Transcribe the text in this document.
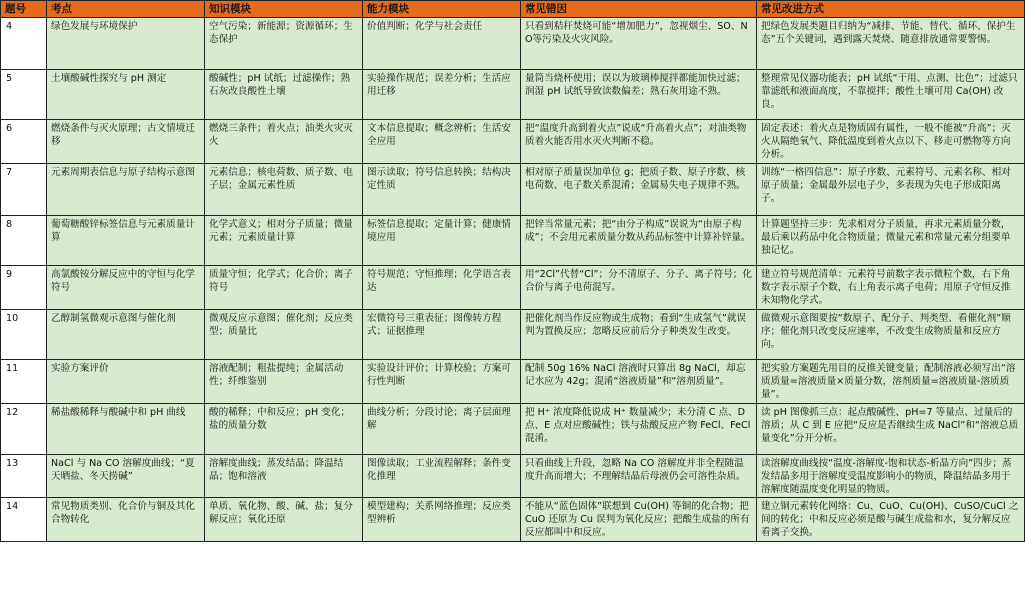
题号	考点	知识模块	能力模块	常见错因	常见改进方式
4	绿色发展与环境保护	空气污染；新能源；资源循环；生态保护	价值判断；化学与社会责任	只看到秸秆焚烧可能“增加肥力”，忽视烟尘、SO、NO等污染及火灾风险。	把绿色发展类题目归纳为“减排、节能、替代、循环、保护生态”五个关键词，遇到露天焚烧、随意排放通常要警惕。
5	土壤酸碱性探究与 pH 测定	酸碱性；pH 试纸；过滤操作；熟石灰改良酸性土壤	实验操作规范；误差分析；生活应用迁移	量筒当烧杯使用；误以为玻璃棒搅拌都能加快过滤；润湿 pH 试纸导致读数偏差；熟石灰用途不熟。	整理常见仪器功能表；pH 试纸“干用、点测、比色”；过滤只靠滤纸和液面高度，不靠搅拌；酸性土壤可用 Ca(OH) 改良。
6	燃烧条件与灭火原理；古文情境迁移	燃烧三条件；着火点；油类火灾灭火	文本信息提取；概念辨析；生活安全应用	把“温度升高到着火点”说成“升高着火点”；对油类物质着火能否用水灭火判断不稳。	固定表述：着火点是物质固有属性，一般不能被“升高”；灭火从隔绝氧气、降低温度到着火点以下、移走可燃物等方向分析。
7	元素周期表信息与原子结构示意图	元素信息；核电荷数、质子数、电子层；金属元素性质	图示读取；符号信息转换；结构决定性质	相对原子质量误加单位 g；把质子数、原子序数、核电荷数、电子数关系混淆；金属易失电子规律不熟。	训练“一格四信息”：原子序数、元素符号、元素名称、相对原子质量；金属最外层电子少，多表现为失电子形成阳离子。
8	葡萄糖酸锌标签信息与元素质量计算	化学式意义；相对分子质量；微量元素；元素质量计算	标签信息提取；定量计算；健康情境应用	把锌当常量元素；把“由分子构成”误说为“由原子构成”；不会用元素质量分数从药品标签中计算补锌量。	计算题坚持三步：先求相对分子质量，再求元素质量分数，最后乘以药品中化合物质量；微量元素和常量元素分组要单独记忆。
9	高氯酸铵分解反应中的守恒与化学符号	质量守恒；化学式；化合价；离子符号	符号规范；守恒推理；化学语言表达	用“2Cl”代替“Cl”；分不清原子、分子、离子符号；化合价与离子电荷混写。	建立符号规范清单：元素符号前数字表示微粒个数，右下角数字表示原子个数，右上角表示离子电荷；用原子守恒反推未知物化学式。
10	乙醇制氢微观示意图与催化剂	微观反应示意图；催化剂；反应类型；质量比	宏微符号三重表征；图像转方程式；证据推理	把催化剂当作反应物或生成物；看到“生成氢气”就误判为置换反应；忽略反应前后分子种类发生改变。	做微观示意图要按“数原子、配分子、判类型、看催化剂”顺序；催化剂只改变反应速率，不改变生成物质量和反应方向。
11	实验方案评价	溶液配制；粗盐提纯；金属活动性；纤维鉴别	实验设计评价；计算校验；方案可行性判断	配制 50g 16% NaCl 溶液时只算出 8g NaCl，却忘记水应为 42g；混淆“溶液质量”和“溶剂质量”。	把实验方案题先用目的反推关键变量；配制溶液必须写出“溶质质量=溶液质量×质量分数，溶剂质量=溶液质量-溶质质量”。
12	稀盐酸稀释与酸碱中和 pH 曲线	酸的稀释；中和反应；pH 变化；盐的质量分数	曲线分析；分段讨论；离子层面理解	把 H⁺ 浓度降低说成 H⁺ 数量减少；未分清 C 点、D 点、E 点对应酸碱性；铁与盐酸反应产物 FeCl、FeCl 混淆。	读 pH 图像抓三点：起点酸碱性、pH=7 等量点、过量后的溶质；从 C 到 E 应把“反应是否继续生成 NaCl”和“溶液总质量变化”分开分析。
13	NaCl 与 Na CO 溶解度曲线；“夏天晒盐、冬天捞碱”	溶解度曲线；蒸发结晶；降温结晶；饱和溶液	图像读取；工业流程解释；条件变化推理	只看曲线上升段，忽略 Na CO 溶解度并非全程随温度升高而增大；不理解结晶后母液仍会可溶性杂质。	读溶解度曲线按“温度-溶解度-饱和状态-析晶方向”四步；蒸发结晶多用于溶解度受温度影响小的物质，降温结晶多用于溶解度随温度变化明显的物质。
14	常见物质类别、化合价与铜及其化合物转化	单质、氧化物、酸、碱、盐；复分解反应；氧化还原	模型建构；关系网络推理；反应类型辨析	不能从“蓝色固体”联想到 Cu(OH) 等铜的化合物；把 CuO 还原为 Cu 误判为氧化反应；把酸生成盐的所有反应都叫中和反应。	建立铜元素转化网络：Cu、CuO、Cu(OH)、CuSO/CuCl 之间的转化；中和反应必须是酸与碱生成盐和水，复分解反应看离子交换。
